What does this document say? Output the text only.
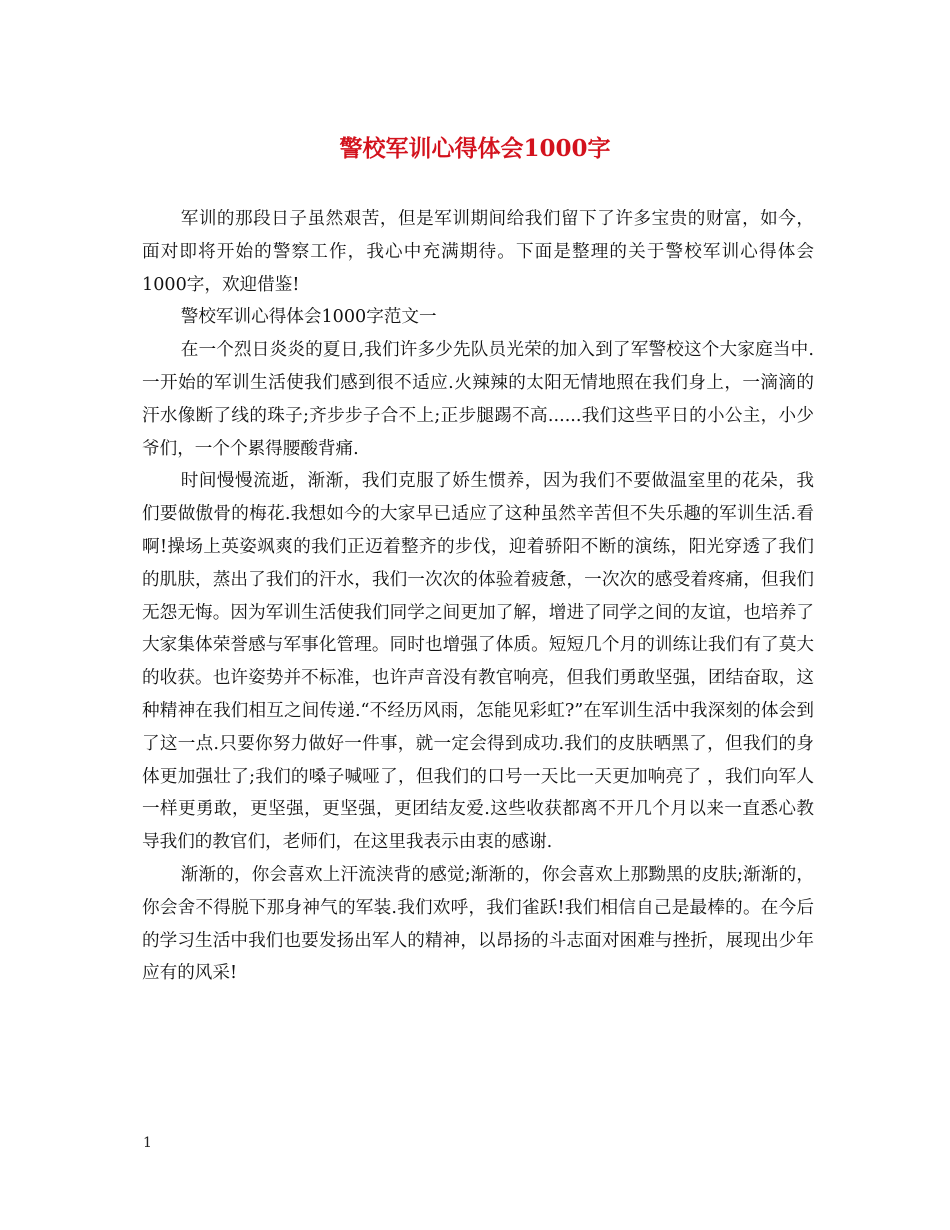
警校军训心得体会1000字

军训的那段日子虽然艰苦，但是军训期间给我们留下了许多宝贵的财富，如今，面对即将开始的警察工作，我心中充满期待。下面是整理的关于警校军训心得体会1000字，欢迎借鉴!

警校军训心得体会1000字范文一

在一个烈日炎炎的夏日,我们许多少先队员光荣的加入到了军警校这个大家庭当中.一开始的军训生活使我们感到很不适应.火辣辣的太阳无情地照在我们身上，一滴滴的汗水像断了线的珠子;齐步步子合不上;正步腿踢不高......我们这些平日的小公主，小少爷们，一个个累得腰酸背痛.

时间慢慢流逝，渐渐，我们克服了娇生惯养，因为我们不要做温室里的花朵，我们要做傲骨的梅花.我想如今的大家早已适应了这种虽然辛苦但不失乐趣的军训生活.看啊!操场上英姿飒爽的我们正迈着整齐的步伐，迎着骄阳不断的演练，阳光穿透了我们的肌肤，蒸出了我们的汗水，我们一次次的体验着疲惫，一次次的感受着疼痛，但我们无怨无悔。因为军训生活使我们同学之间更加了解，增进了同学之间的友谊，也培养了大家集体荣誉感与军事化管理。同时也增强了体质。短短几个月的训练让我们有了莫大的收获。也许姿势并不标准，也许声音没有教官响亮，但我们勇敢坚强，团结奋取，这种精神在我们相互之间传递.“不经历风雨，怎能见彩虹?”在军训生活中我深刻的体会到了这一点.只要你努力做好一件事，就一定会得到成功.我们的皮肤晒黑了，但我们的身体更加强壮了;我们的嗓子喊哑了，但我们的口号一天比一天更加响亮了 ，我们向军人一样更勇敢，更坚强，更坚强，更团结友爱.这些收获都离不开几个月以来一直悉心教导我们的教官们，老师们，在这里我表示由衷的感谢.

渐渐的，你会喜欢上汗流浃背的感觉;渐渐的，你会喜欢上那黝黑的皮肤;渐渐的，你会舍不得脱下那身神气的军装.我们欢呼，我们雀跃!我们相信自己是最棒的。在今后的学习生活中我们也要发扬出军人的精神，以昂扬的斗志面对困难与挫折，展现出少年应有的风采!

1
